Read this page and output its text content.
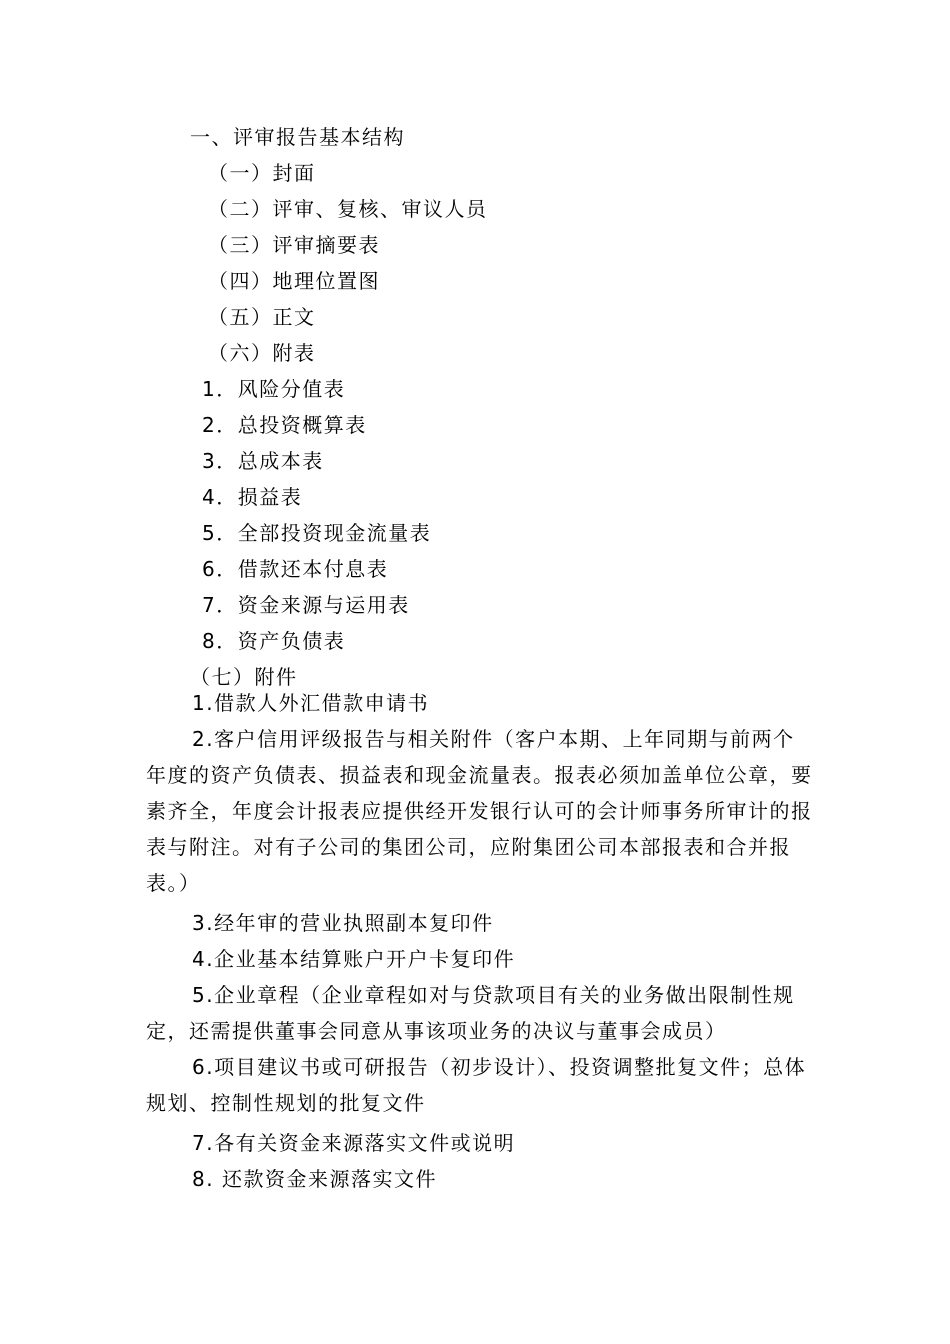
一、评审报告基本结构
（一）封面
（二）评审、复核、审议人员
（三）评审摘要表
（四）地理位置图
（五）正文
（六）附表
1．风险分值表
2．总投资概算表
3．总成本表
4．损益表
5．全部投资现金流量表
6．借款还本付息表
7．资金来源与运用表
8．资产负债表
（七）附件
1.借款人外汇借款申请书
2.客户信用评级报告与相关附件（客户本期、上年同期与前两个年度的资产负债表、损益表和现金流量表。报表必须加盖单位公章，要素齐全，年度会计报表应提供经开发银行认可的会计师事务所审计的报表与附注。对有子公司的集团公司，应附集团公司本部报表和合并报表。）
3.经年审的营业执照副本复印件
4.企业基本结算账户开户卡复印件
5.企业章程（企业章程如对与贷款项目有关的业务做出限制性规定，还需提供董事会同意从事该项业务的决议与董事会成员）
6.项目建议书或可研报告（初步设计）、投资调整批复文件；总体规划、控制性规划的批复文件
7.各有关资金来源落实文件或说明
8. 还款资金来源落实文件
